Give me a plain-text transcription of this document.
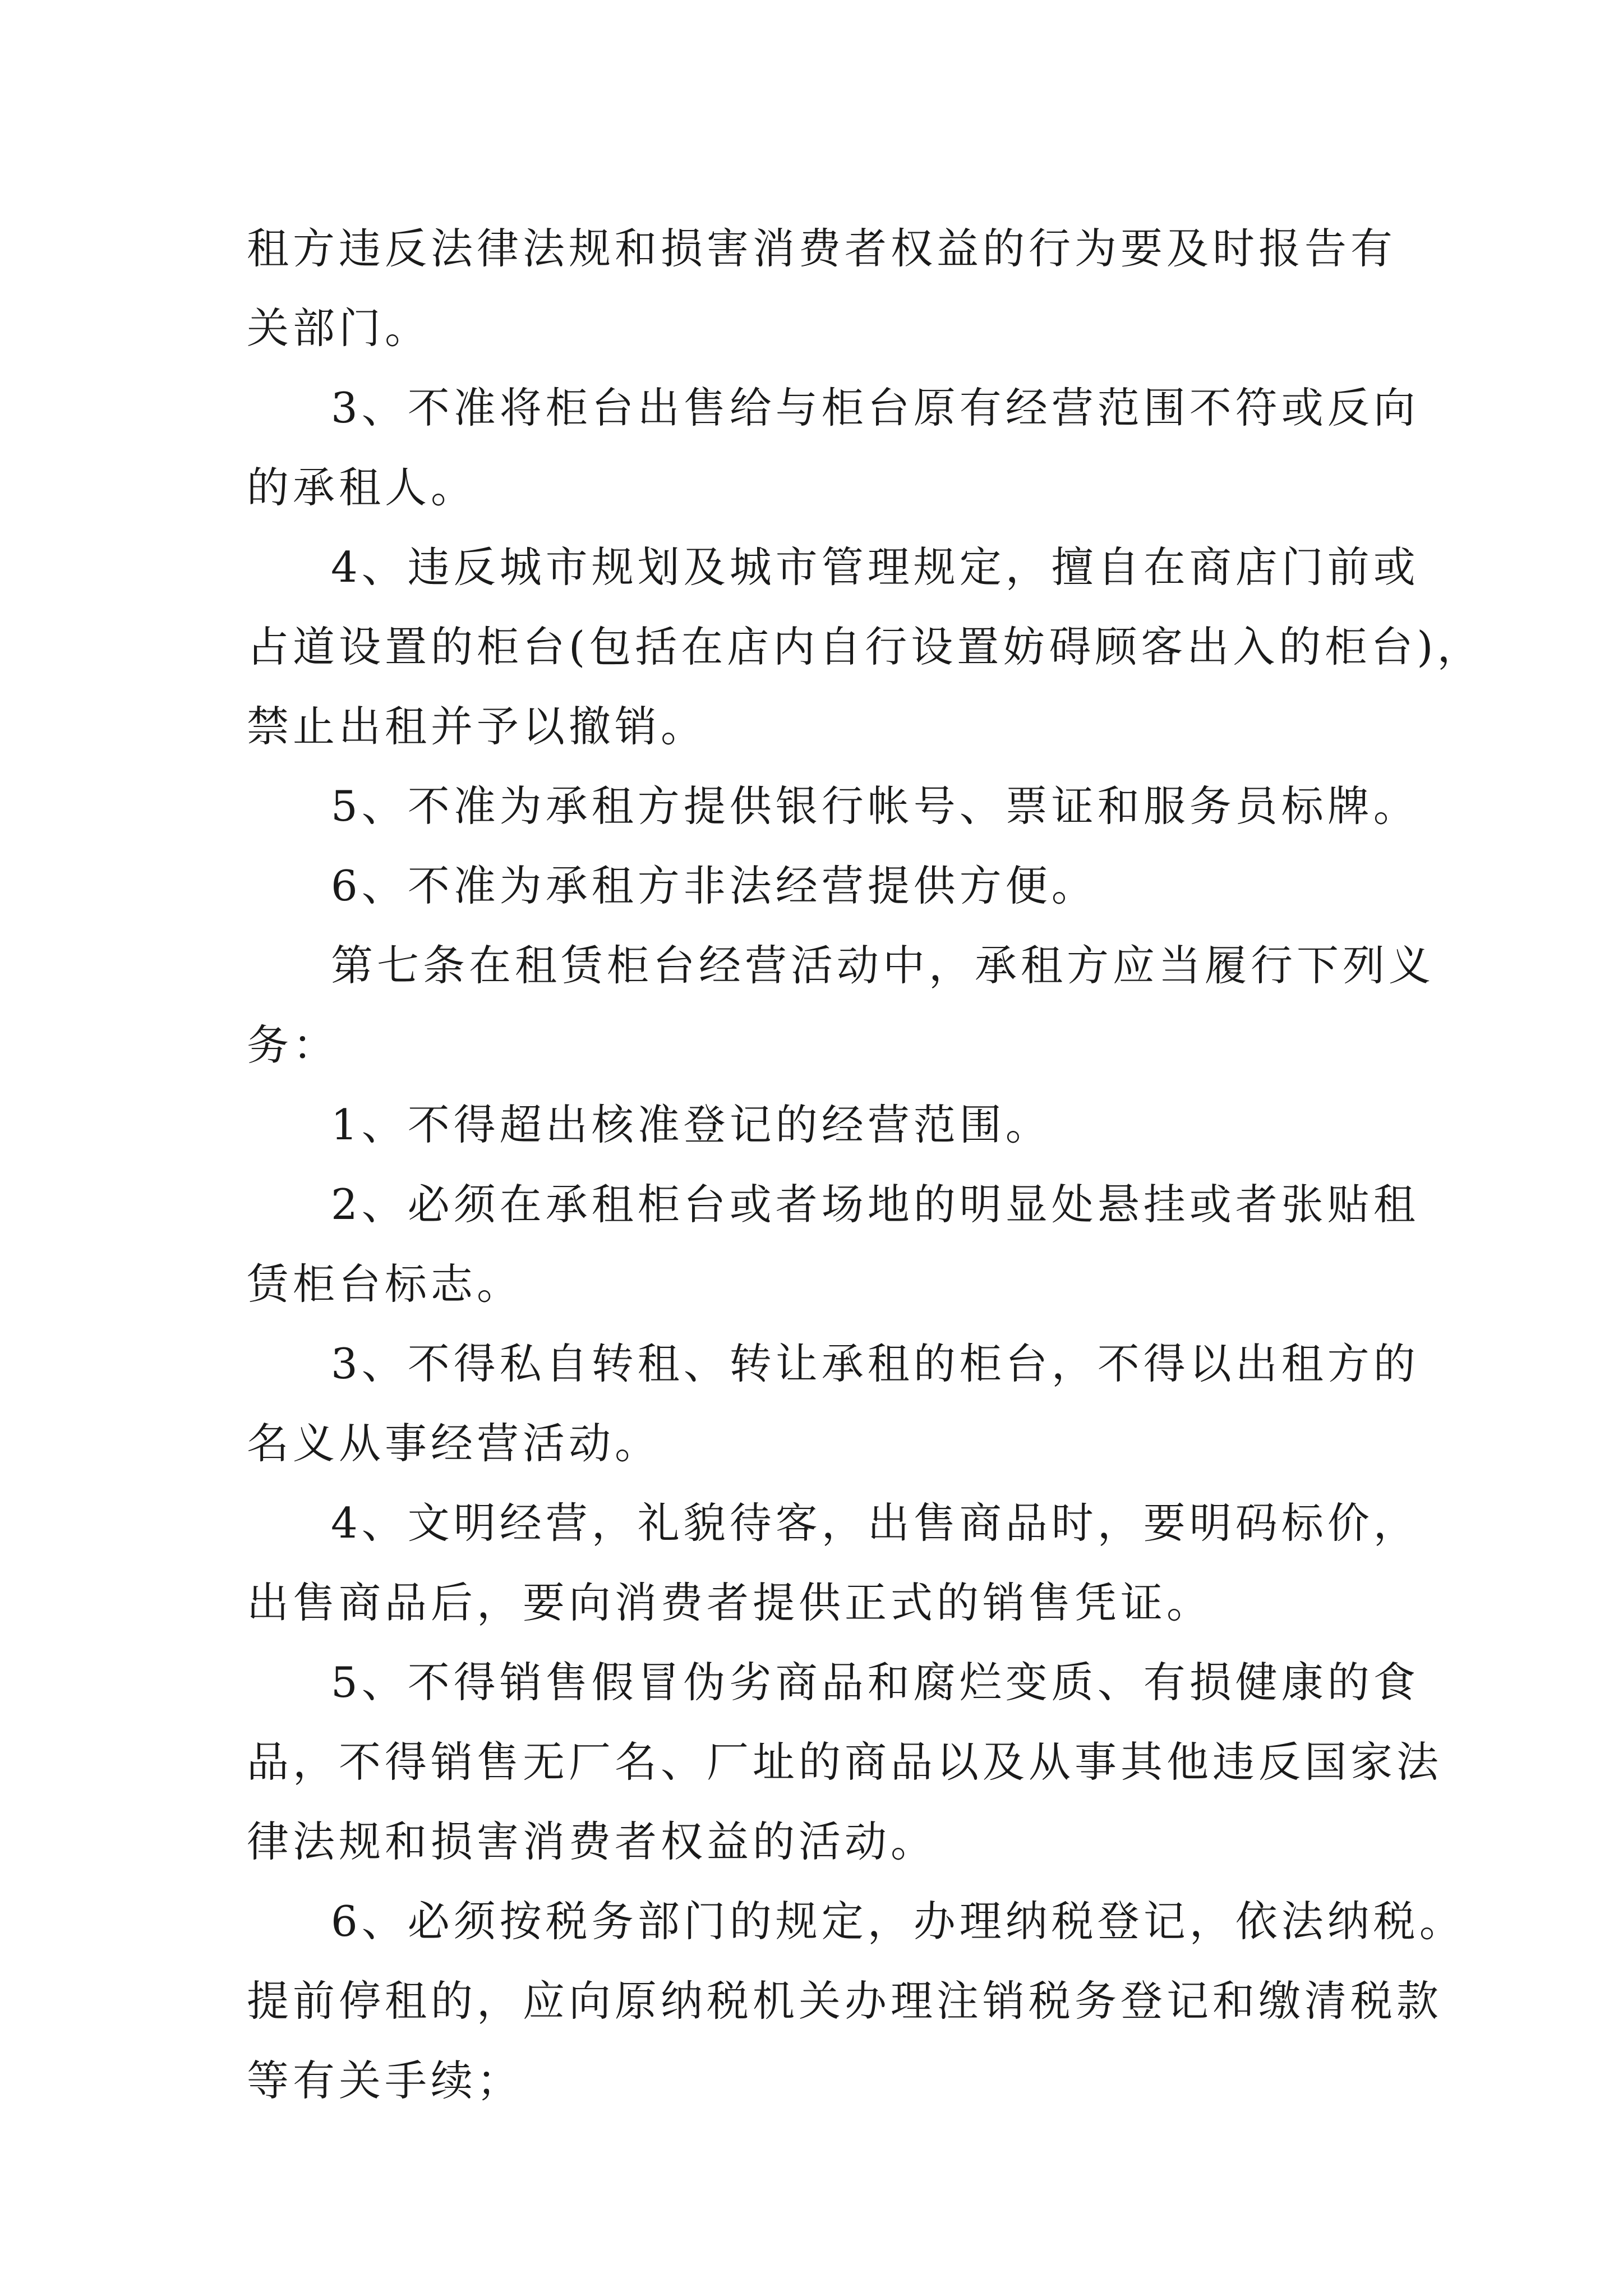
租方违反法律法规和损害消费者权益的行为要及时报告有
关部门。
3、不准将柜台出售给与柜台原有经营范围不符或反向
的承租人。
4、违反城市规划及城市管理规定，擅自在商店门前或
占道设置的柜台(包括在店内自行设置妨碍顾客出入的柜台)，
禁止出租并予以撤销。
5、不准为承租方提供银行帐号、票证和服务员标牌。
6、不准为承租方非法经营提供方便。
第七条在租赁柜台经营活动中，承租方应当履行下列义
务：
1、不得超出核准登记的经营范围。
2、必须在承租柜台或者场地的明显处悬挂或者张贴租
赁柜台标志。
3、不得私自转租、转让承租的柜台，不得以出租方的
名义从事经营活动。
4、文明经营，礼貌待客，出售商品时，要明码标价，
出售商品后，要向消费者提供正式的销售凭证。
5、不得销售假冒伪劣商品和腐烂变质、有损健康的食
品，不得销售无厂名、厂址的商品以及从事其他违反国家法
律法规和损害消费者权益的活动。
6、必须按税务部门的规定，办理纳税登记，依法纳税。
提前停租的，应向原纳税机关办理注销税务登记和缴清税款
等有关手续；
